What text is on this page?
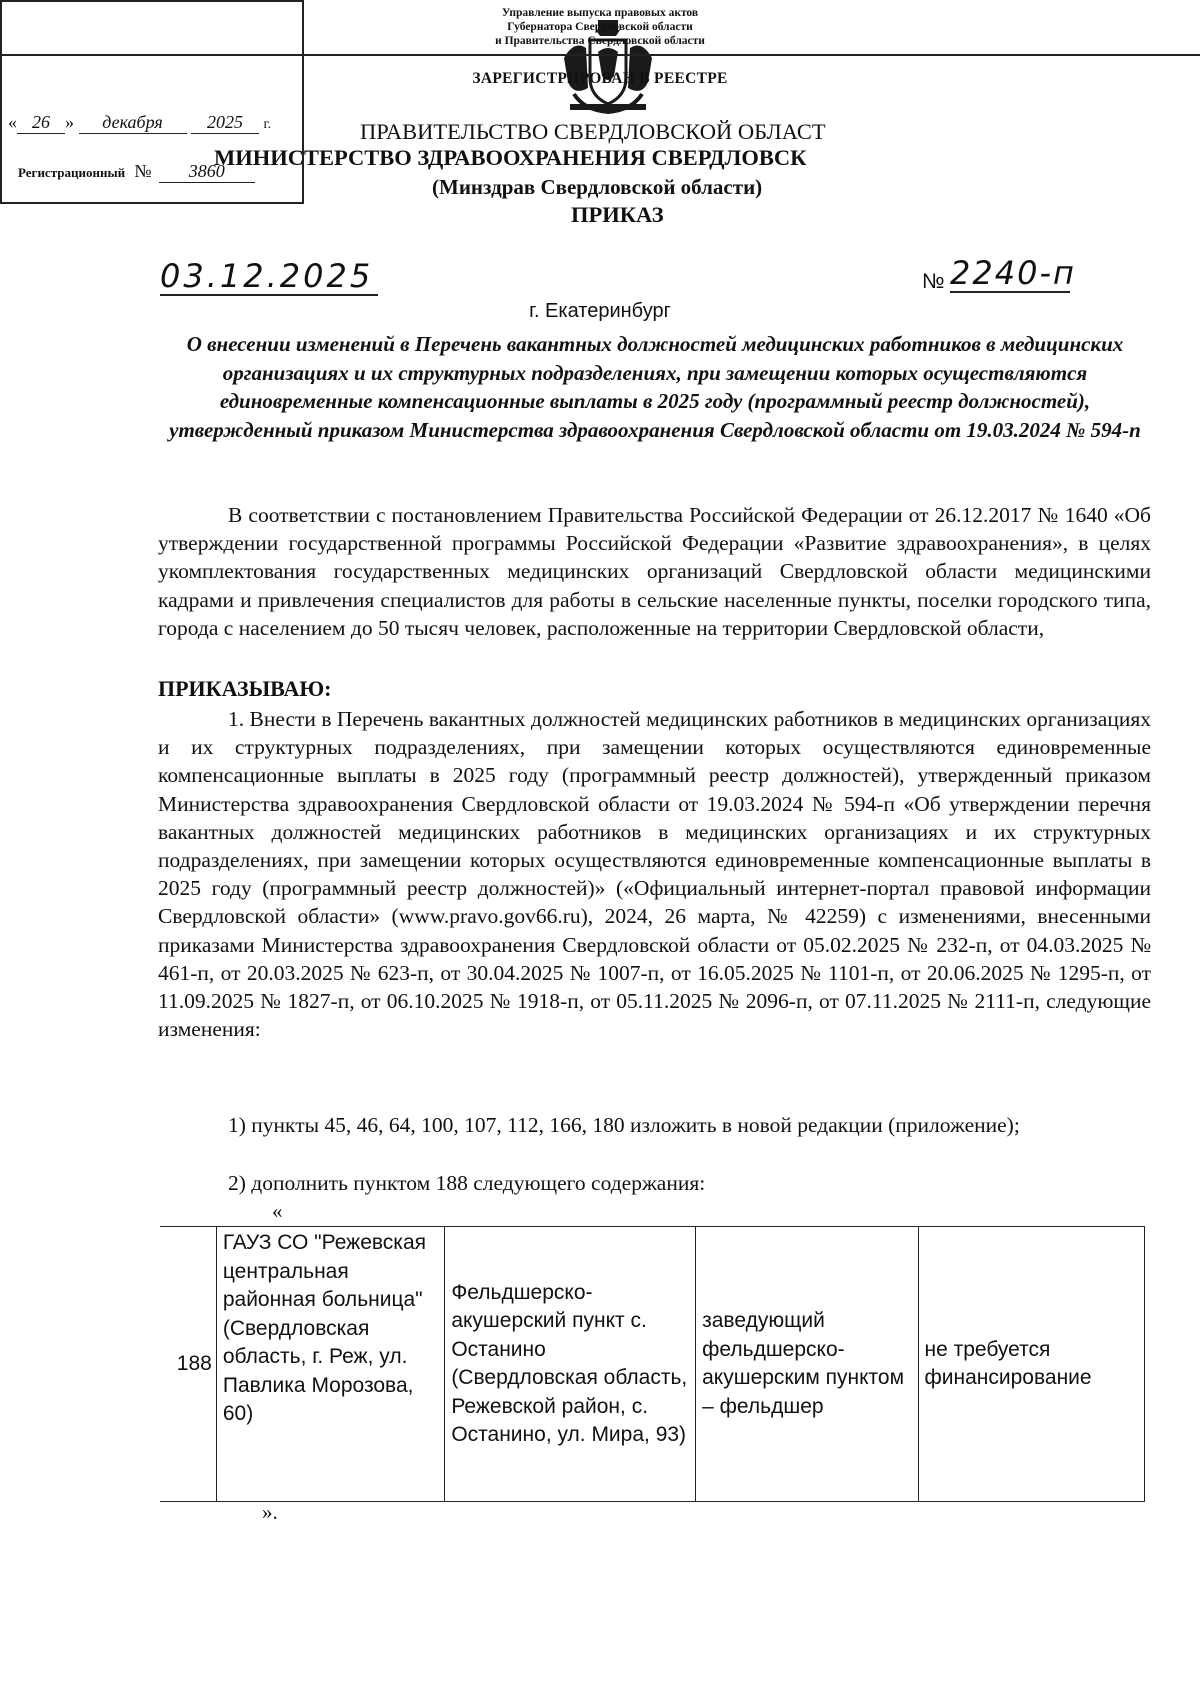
Управление выпуска правовых актов
Губернатора Свердловской области
и Правительства Свердловской области
ЗАРЕГИСТРИРОВАН В РЕЕСТРЕ
« 26 » декабря 2025 г.
Регистрационный № 3860
ПРАВИТЕЛЬСТВО СВЕРДЛОВСКОЙ ОБЛАСТ
МИНИСТЕРСТВО ЗДРАВООХРАНЕНИЯ СВЕРДЛОВСК
(Минздрав Свердловской области)
ПРИКАЗ
03.12.2025	№ 2240-п
г. Екатеринбург
О внесении изменений в Перечень вакантных должностей медицинских работников в медицинских организациях и их структурных подразделениях, при замещении которых осуществляются единовременные компенсационные выплаты в 2025 году (программный реестр должностей), утвержденный приказом Министерства здравоохранения Свердловской области от 19.03.2024 № 594-п
В соответствии с постановлением Правительства Российской Федерации от 26.12.2017 № 1640 «Об утверждении государственной программы Российской Федерации «Развитие здравоохранения», в целях укомплектования государственных медицинских организаций Свердловской области медицинскими кадрами и привлечения специалистов для работы в сельские населенные пункты, поселки городского типа, города с населением до 50 тысяч человек, расположенные на территории Свердловской области,
ПРИКАЗЫВАЮ:
1. Внести в Перечень вакантных должностей медицинских работников в медицинских организациях и их структурных подразделениях, при замещении которых осуществляются единовременные компенсационные выплаты в 2025 году (программный реестр должностей), утвержденный приказом Министерства здравоохранения Свердловской области от 19.03.2024 № 594-п «Об утверждении перечня вакантных должностей медицинских работников в медицинских организациях и их структурных подразделениях, при замещении которых осуществляются единовременные компенсационные выплаты в 2025 году (программный реестр должностей)» («Официальный интернет-портал правовой информации Свердловской области» (www.pravo.gov66.ru), 2024, 26 марта, № 42259) с изменениями, внесенными приказами Министерства здравоохранения Свердловской области от 05.02.2025 № 232-п, от 04.03.2025 № 461-п, от 20.03.2025 № 623-п, от 30.04.2025 № 1007-п, от 16.05.2025 № 1101-п, от 20.06.2025 № 1295-п, от 11.09.2025 № 1827-п, от 06.10.2025 № 1918-п, от 05.11.2025 № 2096-п, от 07.11.2025 № 2111-п, следующие изменения:
1) пункты 45, 46, 64, 100, 107, 112, 166, 180 изложить в новой редакции (приложение);
2) дополнить пунктом 188 следующего содержания:
«
188	ГАУЗ СО "Режевская центральная районная больница" (Свердловская область, г. Реж, ул. Павлика Морозова, 60)	Фельдшерско-акушерский пункт с. Останино (Свердловская область, Режевской район, с. Останино, ул. Мира, 93)	заведующий фельдшерско-акушерским пунктом – фельдшер	не требуется финансирование
».
